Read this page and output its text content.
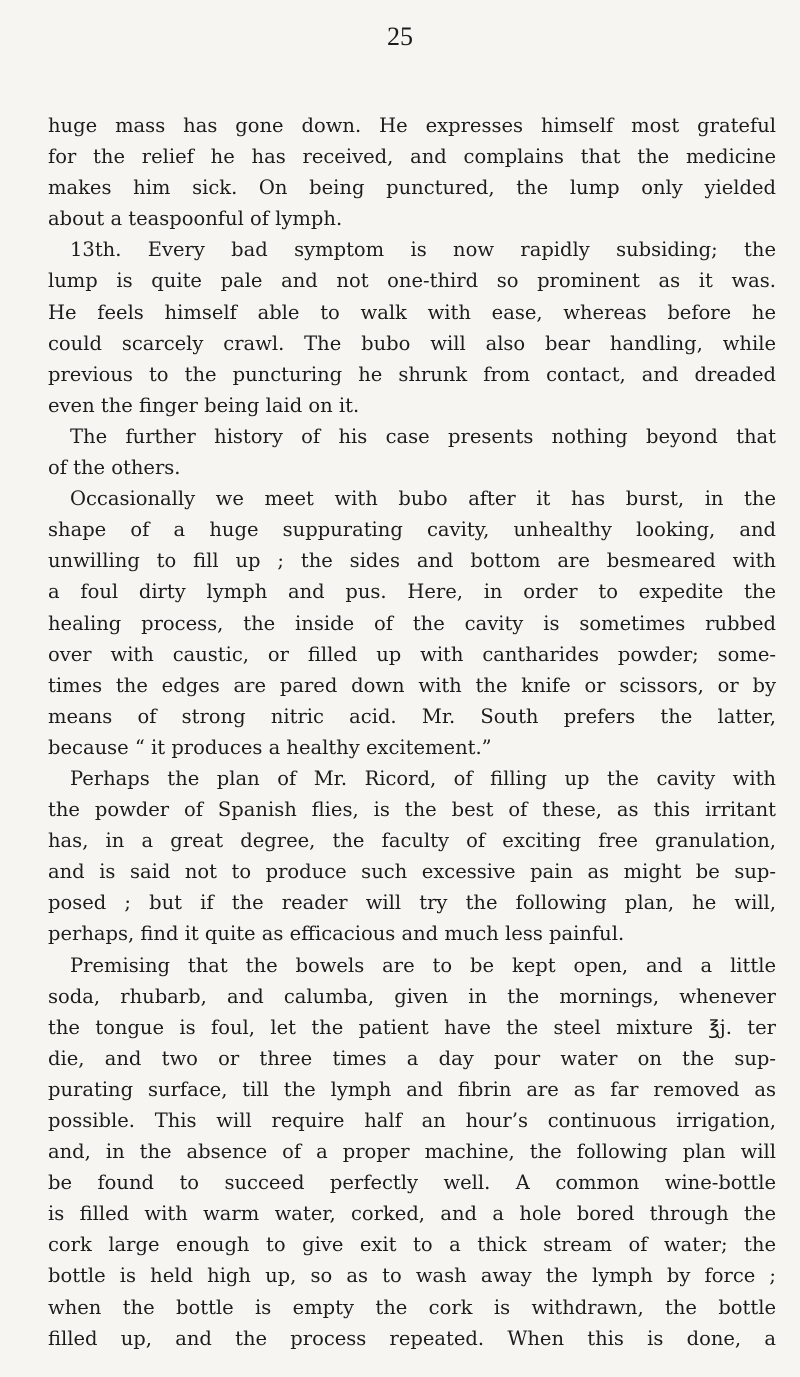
25
huge mass has gone down. He expresses himself most grateful
for the relief he has received, and complains that the medicine
makes him sick. On being punctured, the lump only yielded
about a teaspoonful of lymph.
13th. Every bad symptom is now rapidly subsiding; the
lump is quite pale and not one-third so prominent as it was.
He feels himself able to walk with ease, whereas before he
could scarcely crawl. The bubo will also bear handling, while
previous to the puncturing he shrunk from contact, and dreaded
even the finger being laid on it.
The further history of his case presents nothing beyond that
of the others.
Occasionally we meet with bubo after it has burst, in the
shape of a huge suppurating cavity, unhealthy looking, and
unwilling to fill up ; the sides and bottom are besmeared with
a foul dirty lymph and pus. Here, in order to expedite the
healing process, the inside of the cavity is sometimes rubbed
over with caustic, or filled up with cantharides powder; some-
times the edges are pared down with the knife or scissors, or by
means of strong nitric acid. Mr. South prefers the latter,
because “ it produces a healthy excitement.”
Perhaps the plan of Mr. Ricord, of filling up the cavity with
the powder of Spanish flies, is the best of these, as this irritant
has, in a great degree, the faculty of exciting free granulation,
and is said not to produce such excessive pain as might be sup-
posed ; but if the reader will try the following plan, he will,
perhaps, find it quite as efficacious and much less painful.
Premising that the bowels are to be kept open, and a little
soda, rhubarb, and calumba, given in the mornings, whenever
the tongue is foul, let the patient have the steel mixture ℥j. ter
die, and two or three times a day pour water on the sup-
purating surface, till the lymph and fibrin are as far removed as
possible. This will require half an hour’s continuous irrigation,
and, in the absence of a proper machine, the following plan will
be found to succeed perfectly well. A common wine-bottle
is filled with warm water, corked, and a hole bored through the
cork large enough to give exit to a thick stream of water; the
bottle is held high up, so as to wash away the lymph by force ;
when the bottle is empty the cork is withdrawn, the bottle
filled up, and the process repeated. When this is done, a
